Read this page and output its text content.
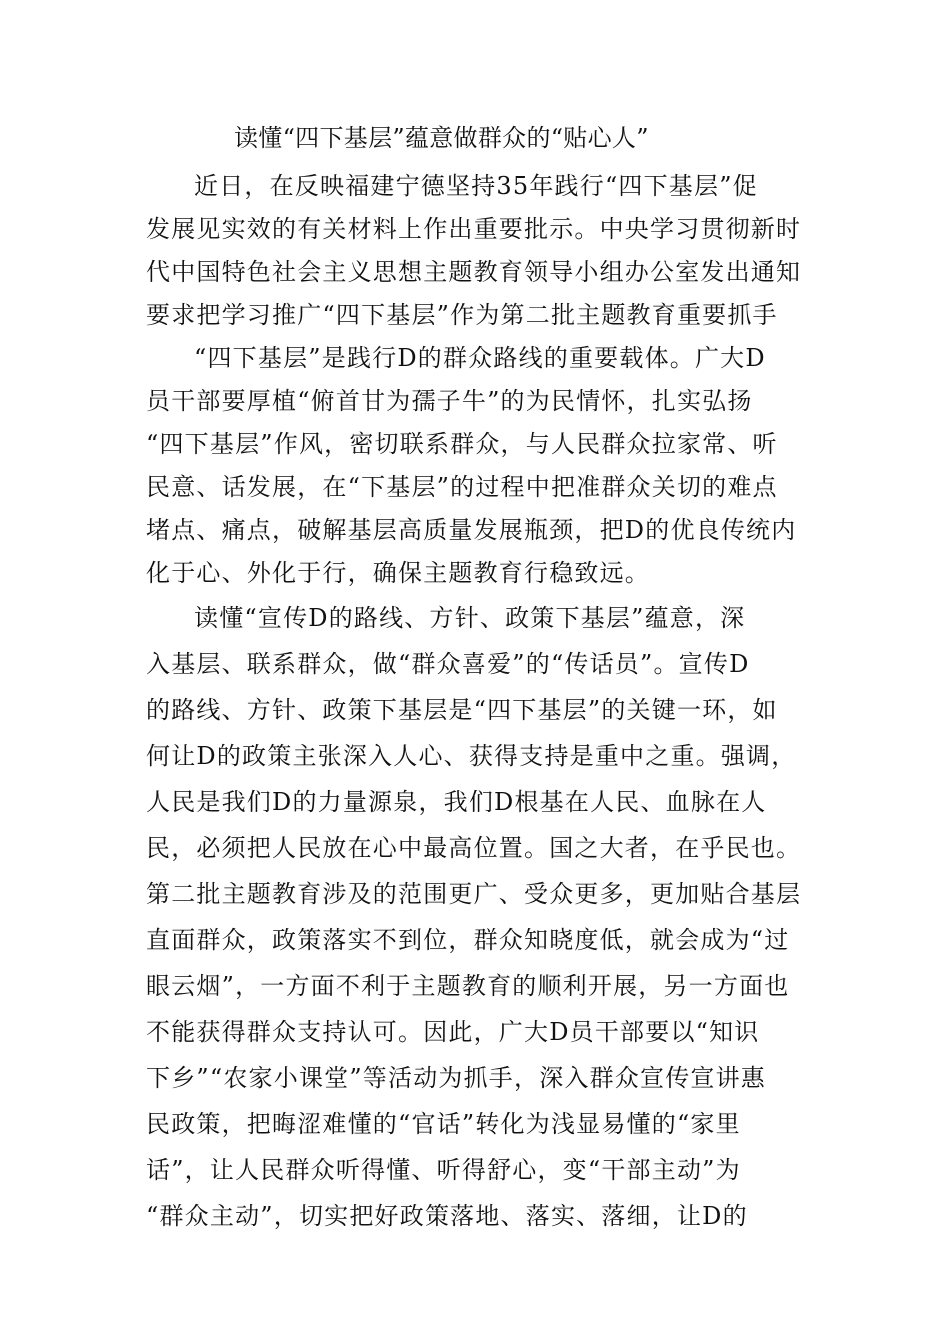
读懂“四下基层”蕴意做群众的“贴心人”
近日，在反映福建宁德坚持35年践行“四下基层”促
发展见实效的有关材料上作出重要批示。中央学习贯彻新时
代中国特色社会主义思想主题教育领导小组办公室发出通知
要求把学习推广“四下基层”作为第二批主题教育重要抓手
“四下基层”是践行D的群众路线的重要载体。广大D
员干部要厚植“俯首甘为孺子牛”的为民情怀，扎实弘扬
“四下基层”作风，密切联系群众，与人民群众拉家常、听
民意、话发展，在“下基层”的过程中把准群众关切的难点
堵点、痛点，破解基层高质量发展瓶颈，把D的优良传统内
化于心、外化于行，确保主题教育行稳致远。
读懂“宣传D的路线、方针、政策下基层”蕴意，深
入基层、联系群众，做“群众喜爱”的“传话员”。宣传D
的路线、方针、政策下基层是“四下基层”的关键一环，如
何让D的政策主张深入人心、获得支持是重中之重。强调，
人民是我们D的力量源泉，我们D根基在人民、血脉在人
民，必须把人民放在心中最高位置。国之大者，在乎民也。
第二批主题教育涉及的范围更广、受众更多，更加贴合基层
直面群众，政策落实不到位，群众知晓度低，就会成为“过
眼云烟”，一方面不利于主题教育的顺利开展，另一方面也
不能获得群众支持认可。因此，广大D员干部要以“知识
下乡”“农家小课堂”等活动为抓手，深入群众宣传宣讲惠
民政策，把晦涩难懂的“官话”转化为浅显易懂的“家里
话”，让人民群众听得懂、听得舒心，变“干部主动”为
“群众主动”，切实把好政策落地、落实、落细，让D的
